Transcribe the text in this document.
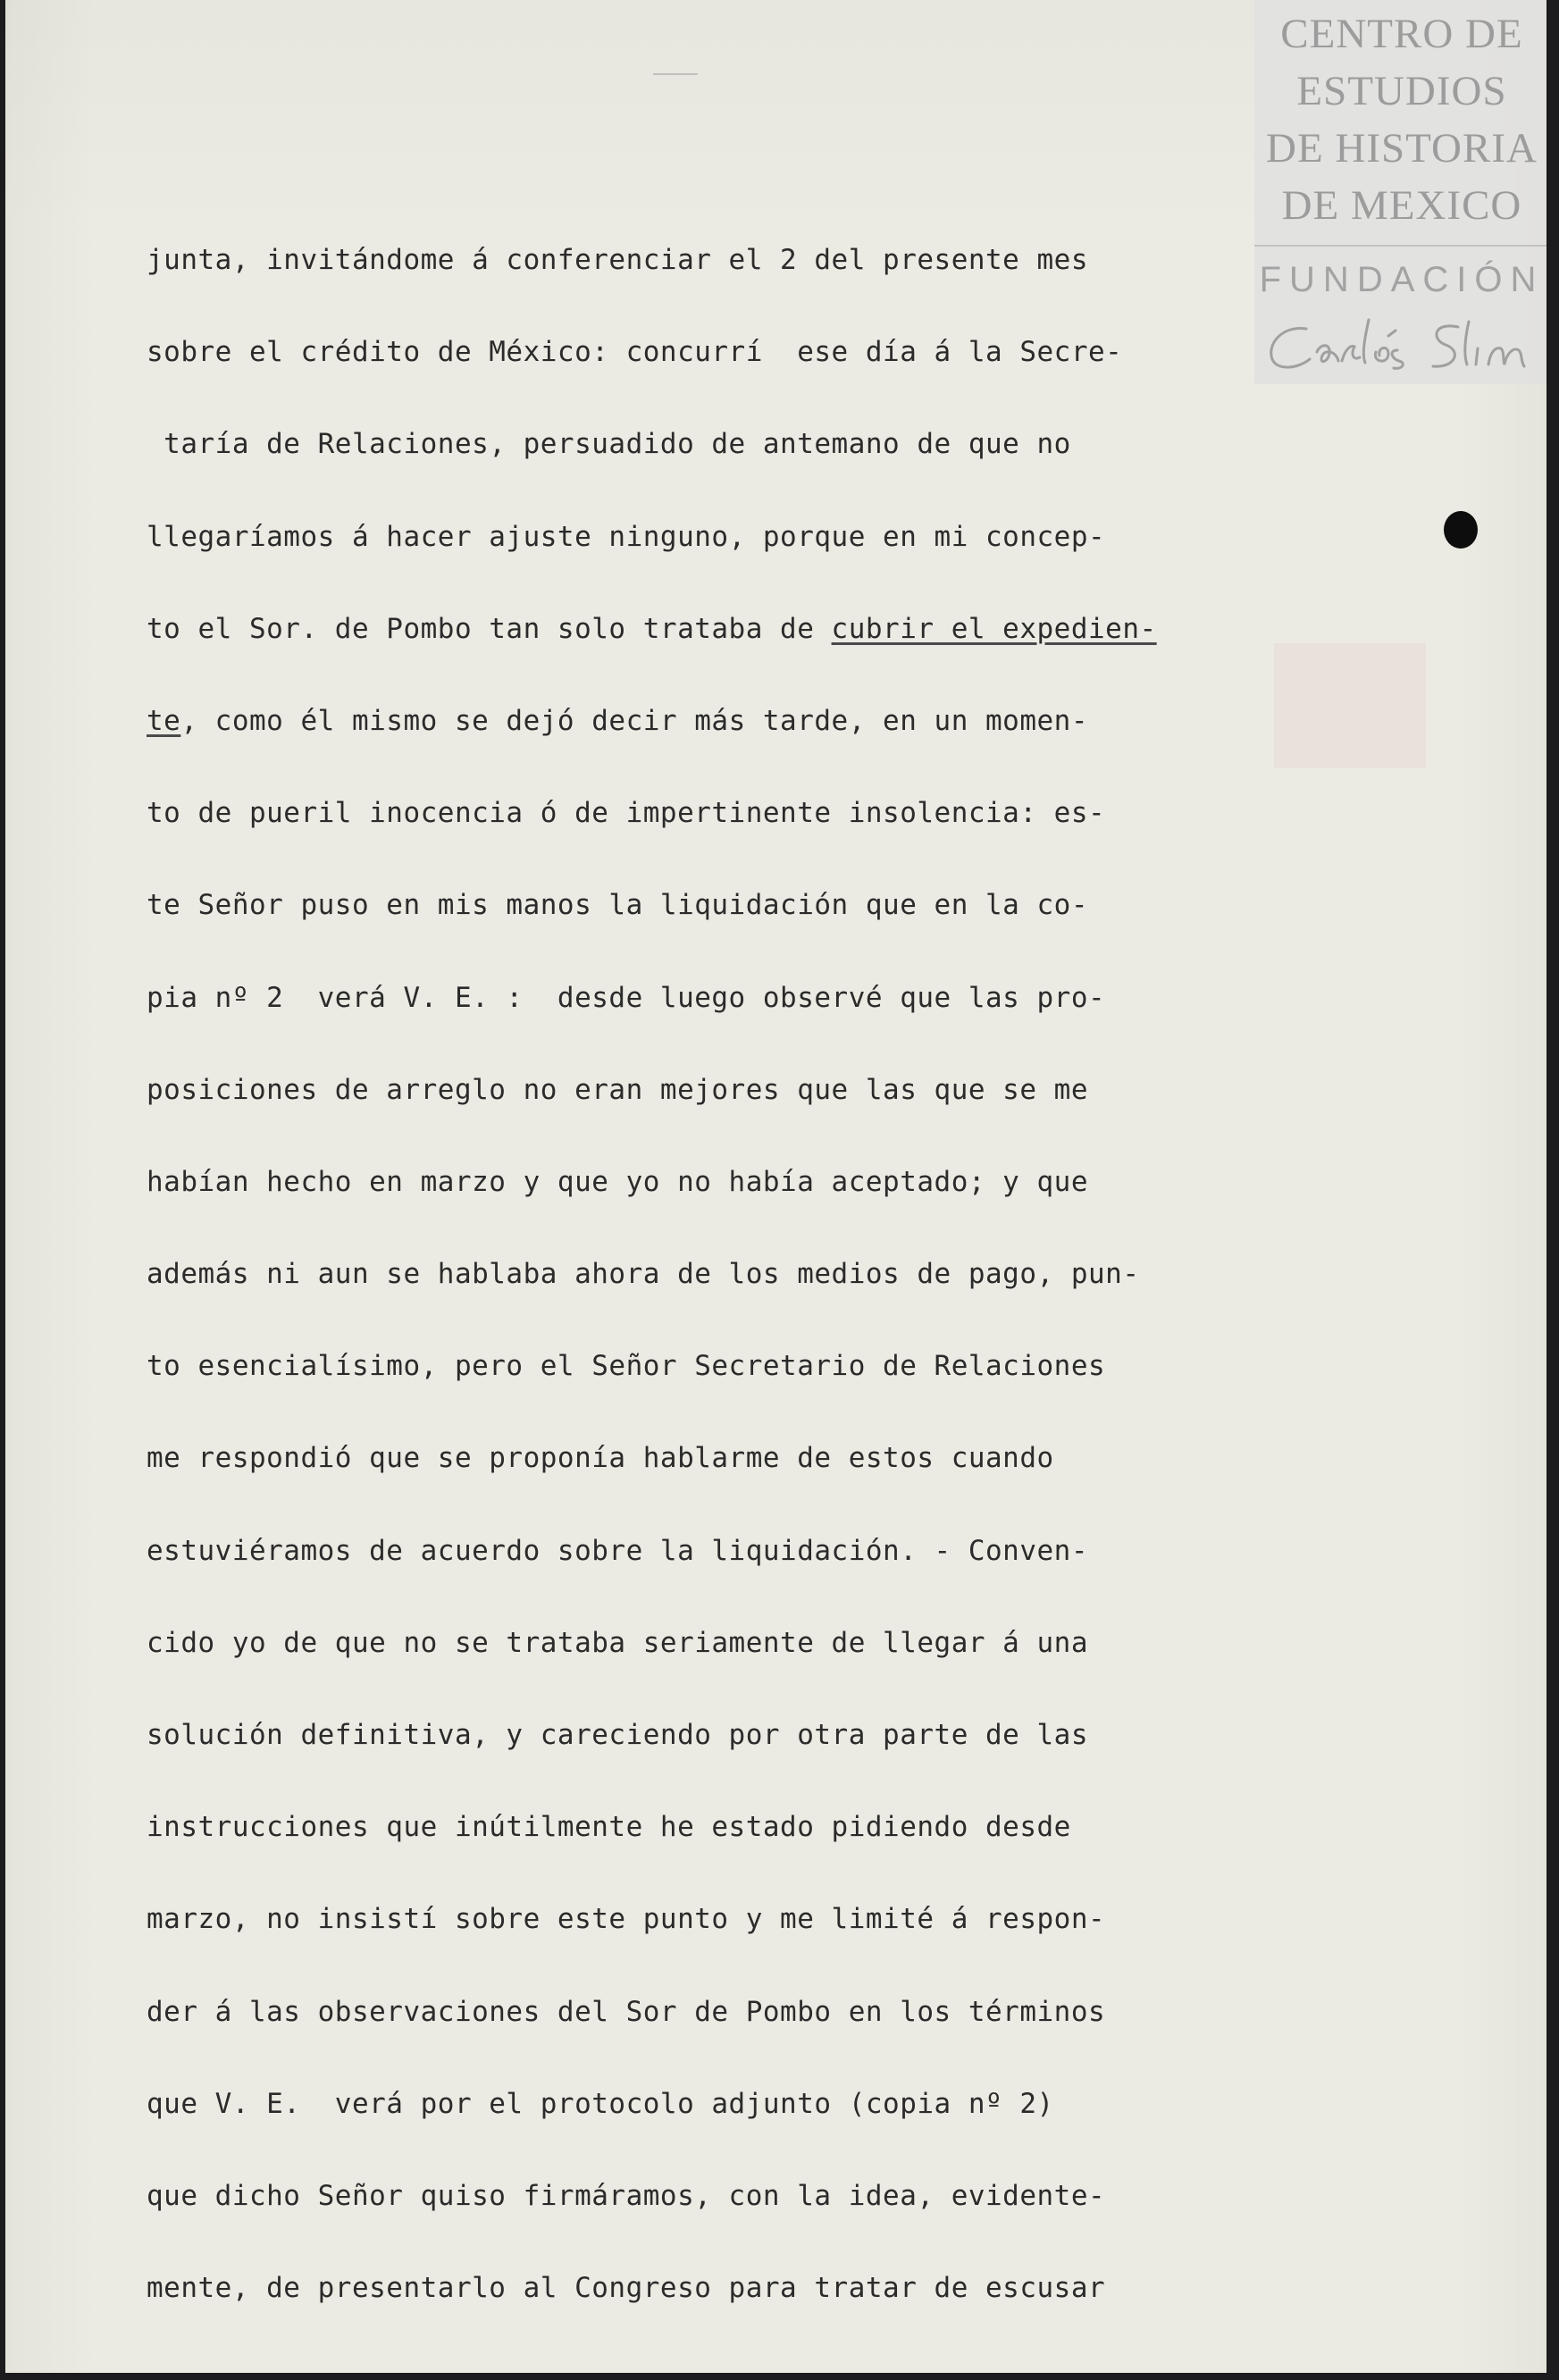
CENTRO DE
ESTUDIOS
DE HISTORIA
DE MEXICO
FUNDACIÓN
junta, invitándome á conferenciar el 2 del presente mes
sobre el crédito de México: concurrí  ese día á la Secre-
taría de Relaciones, persuadido de antemano de que no
llegaríamos á hacer ajuste ninguno, porque en mi concep-
to el Sor. de Pombo tan solo trataba de cubrir el expedien-
te, como él mismo se dejó decir más tarde, en un momen-
to de pueril inocencia ó de impertinente insolencia: es-
te Señor puso en mis manos la liquidación que en la co-
pia nº 2  verá V. E. :  desde luego observé que las pro-
posiciones de arreglo no eran mejores que las que se me
habían hecho en marzo y que yo no había aceptado; y que
además ni aun se hablaba ahora de los medios de pago, pun-
to esencialísimo, pero el Señor Secretario de Relaciones
me respondió que se proponía hablarme de estos cuando
estuviéramos de acuerdo sobre la liquidación. - Conven-
cido yo de que no se trataba seriamente de llegar á una
solución definitiva, y careciendo por otra parte de las
instrucciones que inútilmente he estado pidiendo desde
marzo, no insistí sobre este punto y me limité á respon-
der á las observaciones del Sor de Pombo en los términos
que V. E.  verá por el protocolo adjunto (copia nº 2)
que dicho Señor quiso firmáramos, con la idea, evidente-
mente, de presentarlo al Congreso para tratar de escusar
